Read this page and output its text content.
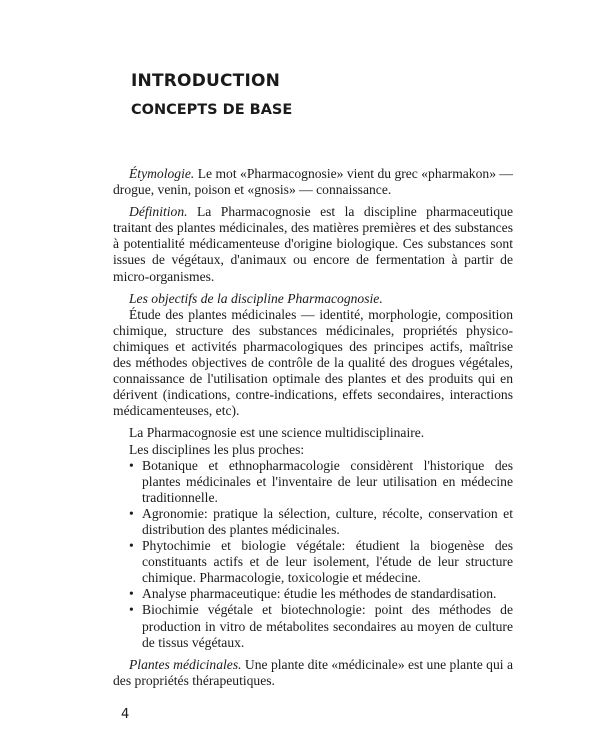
INTRODUCTION
CONCEPTS DE BASE

Étymologie. Le mot «Pharmacognosie» vient du grec «pharmakon» — drogue, venin, poison et «gnosis» — connaissance.

Définition. La Pharmacognosie est la discipline pharmaceutique traitant des plantes médicinales, des matières premières et des substances à potentialité médicamenteuse d'origine biologique. Ces substances sont issues de végétaux, d'animaux ou encore de fermentation à partir de micro-organismes.

Les objectifs de la discipline Pharmacognosie.

Étude des plantes médicinales — identité, morphologie, composition chimique, structure des substances médicinales, propriétés physico-chimiques et activités pharmacologiques des principes actifs, maîtrise des méthodes objectives de contrôle de la qualité des drogues végétales, connaissance de l'utilisation optimale des plantes et des produits qui en dérivent (indications, contre-indications, effets secondaires, interactions médicamenteuses, etc).

La Pharmacognosie est une science multidisciplinaire.

Les disciplines les plus proches:

• Botanique et ethnopharmacologie considèrent l'historique des plantes médicinales et l'inventaire de leur utilisation en médecine traditionnelle.
• Agronomie: pratique la sélection, culture, récolte, conservation et distribution des plantes médicinales.
• Phytochimie et biologie végétale: étudient la biogenèse des constituants actifs et de leur isolement, l'étude de leur structure chimique. Pharmacologie, toxicologie et médecine.
• Analyse pharmaceutique: étudie les méthodes de standardisation.
• Biochimie végétale et biotechnologie: point des méthodes de production in vitro de métabolites secondaires au moyen de culture de tissus végétaux.

Plantes médicinales. Une plante dite «médicinale» est une plante qui a des propriétés thérapeutiques.

4
